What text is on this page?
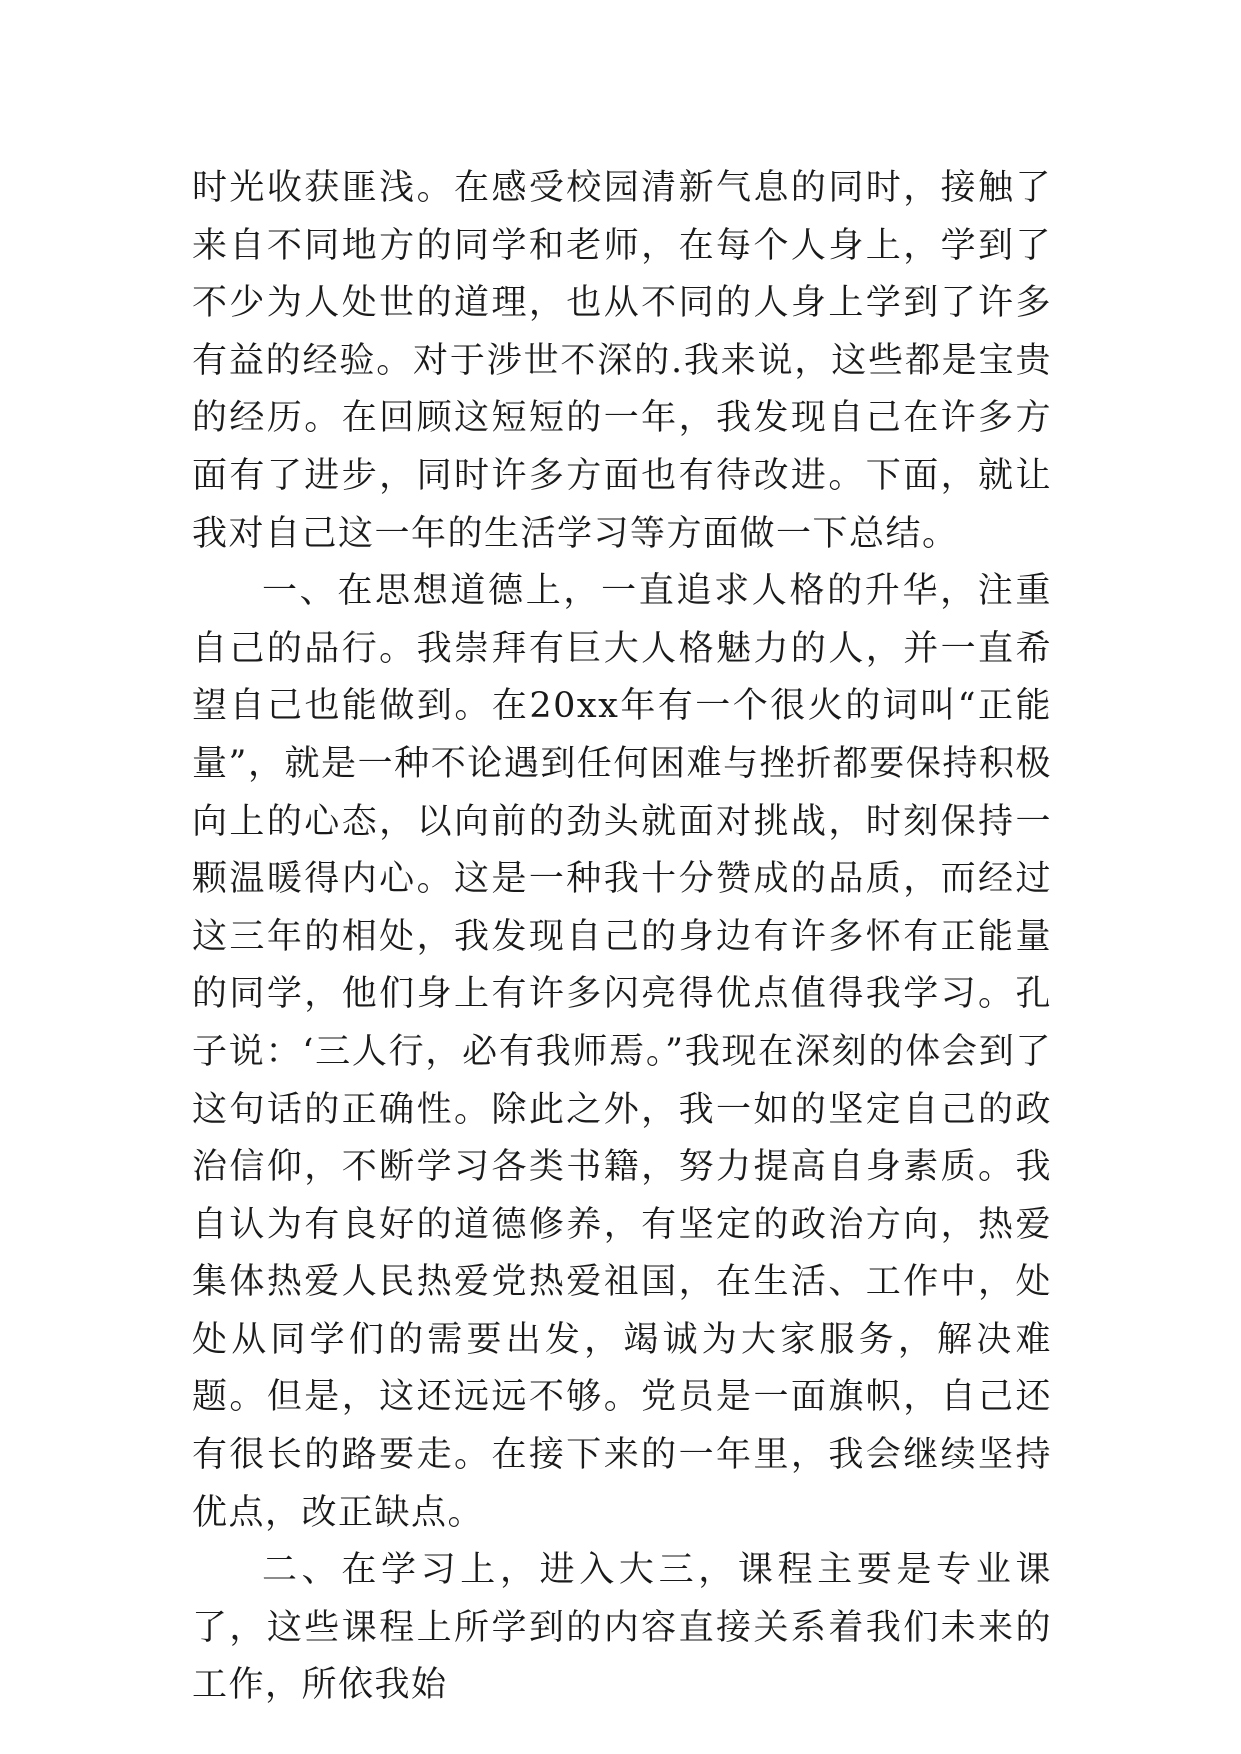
时光收获匪浅。在感受校园清新气息的同时，接触了来自不同地方的同学和老师，在每个人身上，学到了不少为人处世的道理，也从不同的人身上学到了许多有益的经验。对于涉世不深的.我来说，这些都是宝贵的经历。在回顾这短短的一年，我发现自己在许多方面有了进步，同时许多方面也有待改进。下面，就让我对自己这一年的生活学习等方面做一下总结。

一、在思想道德上，一直追求人格的升华，注重自己的品行。我崇拜有巨大人格魅力的人，并一直希望自己也能做到。在20xx年有一个很火的词叫“正能量”，就是一种不论遇到任何困难与挫折都要保持积极向上的心态，以向前的劲头就面对挑战，时刻保持一颗温暖得内心。这是一种我十分赞成的品质，而经过这三年的相处，我发现自己的身边有许多怀有正能量的同学，他们身上有许多闪亮得优点值得我学习。孔子说：‘三人行，必有我师焉。”我现在深刻的体会到了这句话的正确性。除此之外，我一如的坚定自己的政治信仰，不断学习各类书籍，努力提高自身素质。我自认为有良好的道德修养，有坚定的政治方向，热爱集体热爱人民热爱党热爱祖国，在生活、工作中，处处从同学们的需要出发，竭诚为大家服务，解决难题。但是，这还远远不够。党员是一面旗帜，自己还有很长的路要走。在接下来的一年里，我会继续坚持优点，改正缺点。

二、在学习上，进入大三，课程主要是专业课了，这些课程上所学到的内容直接关系着我们未来的工作，所依我始
